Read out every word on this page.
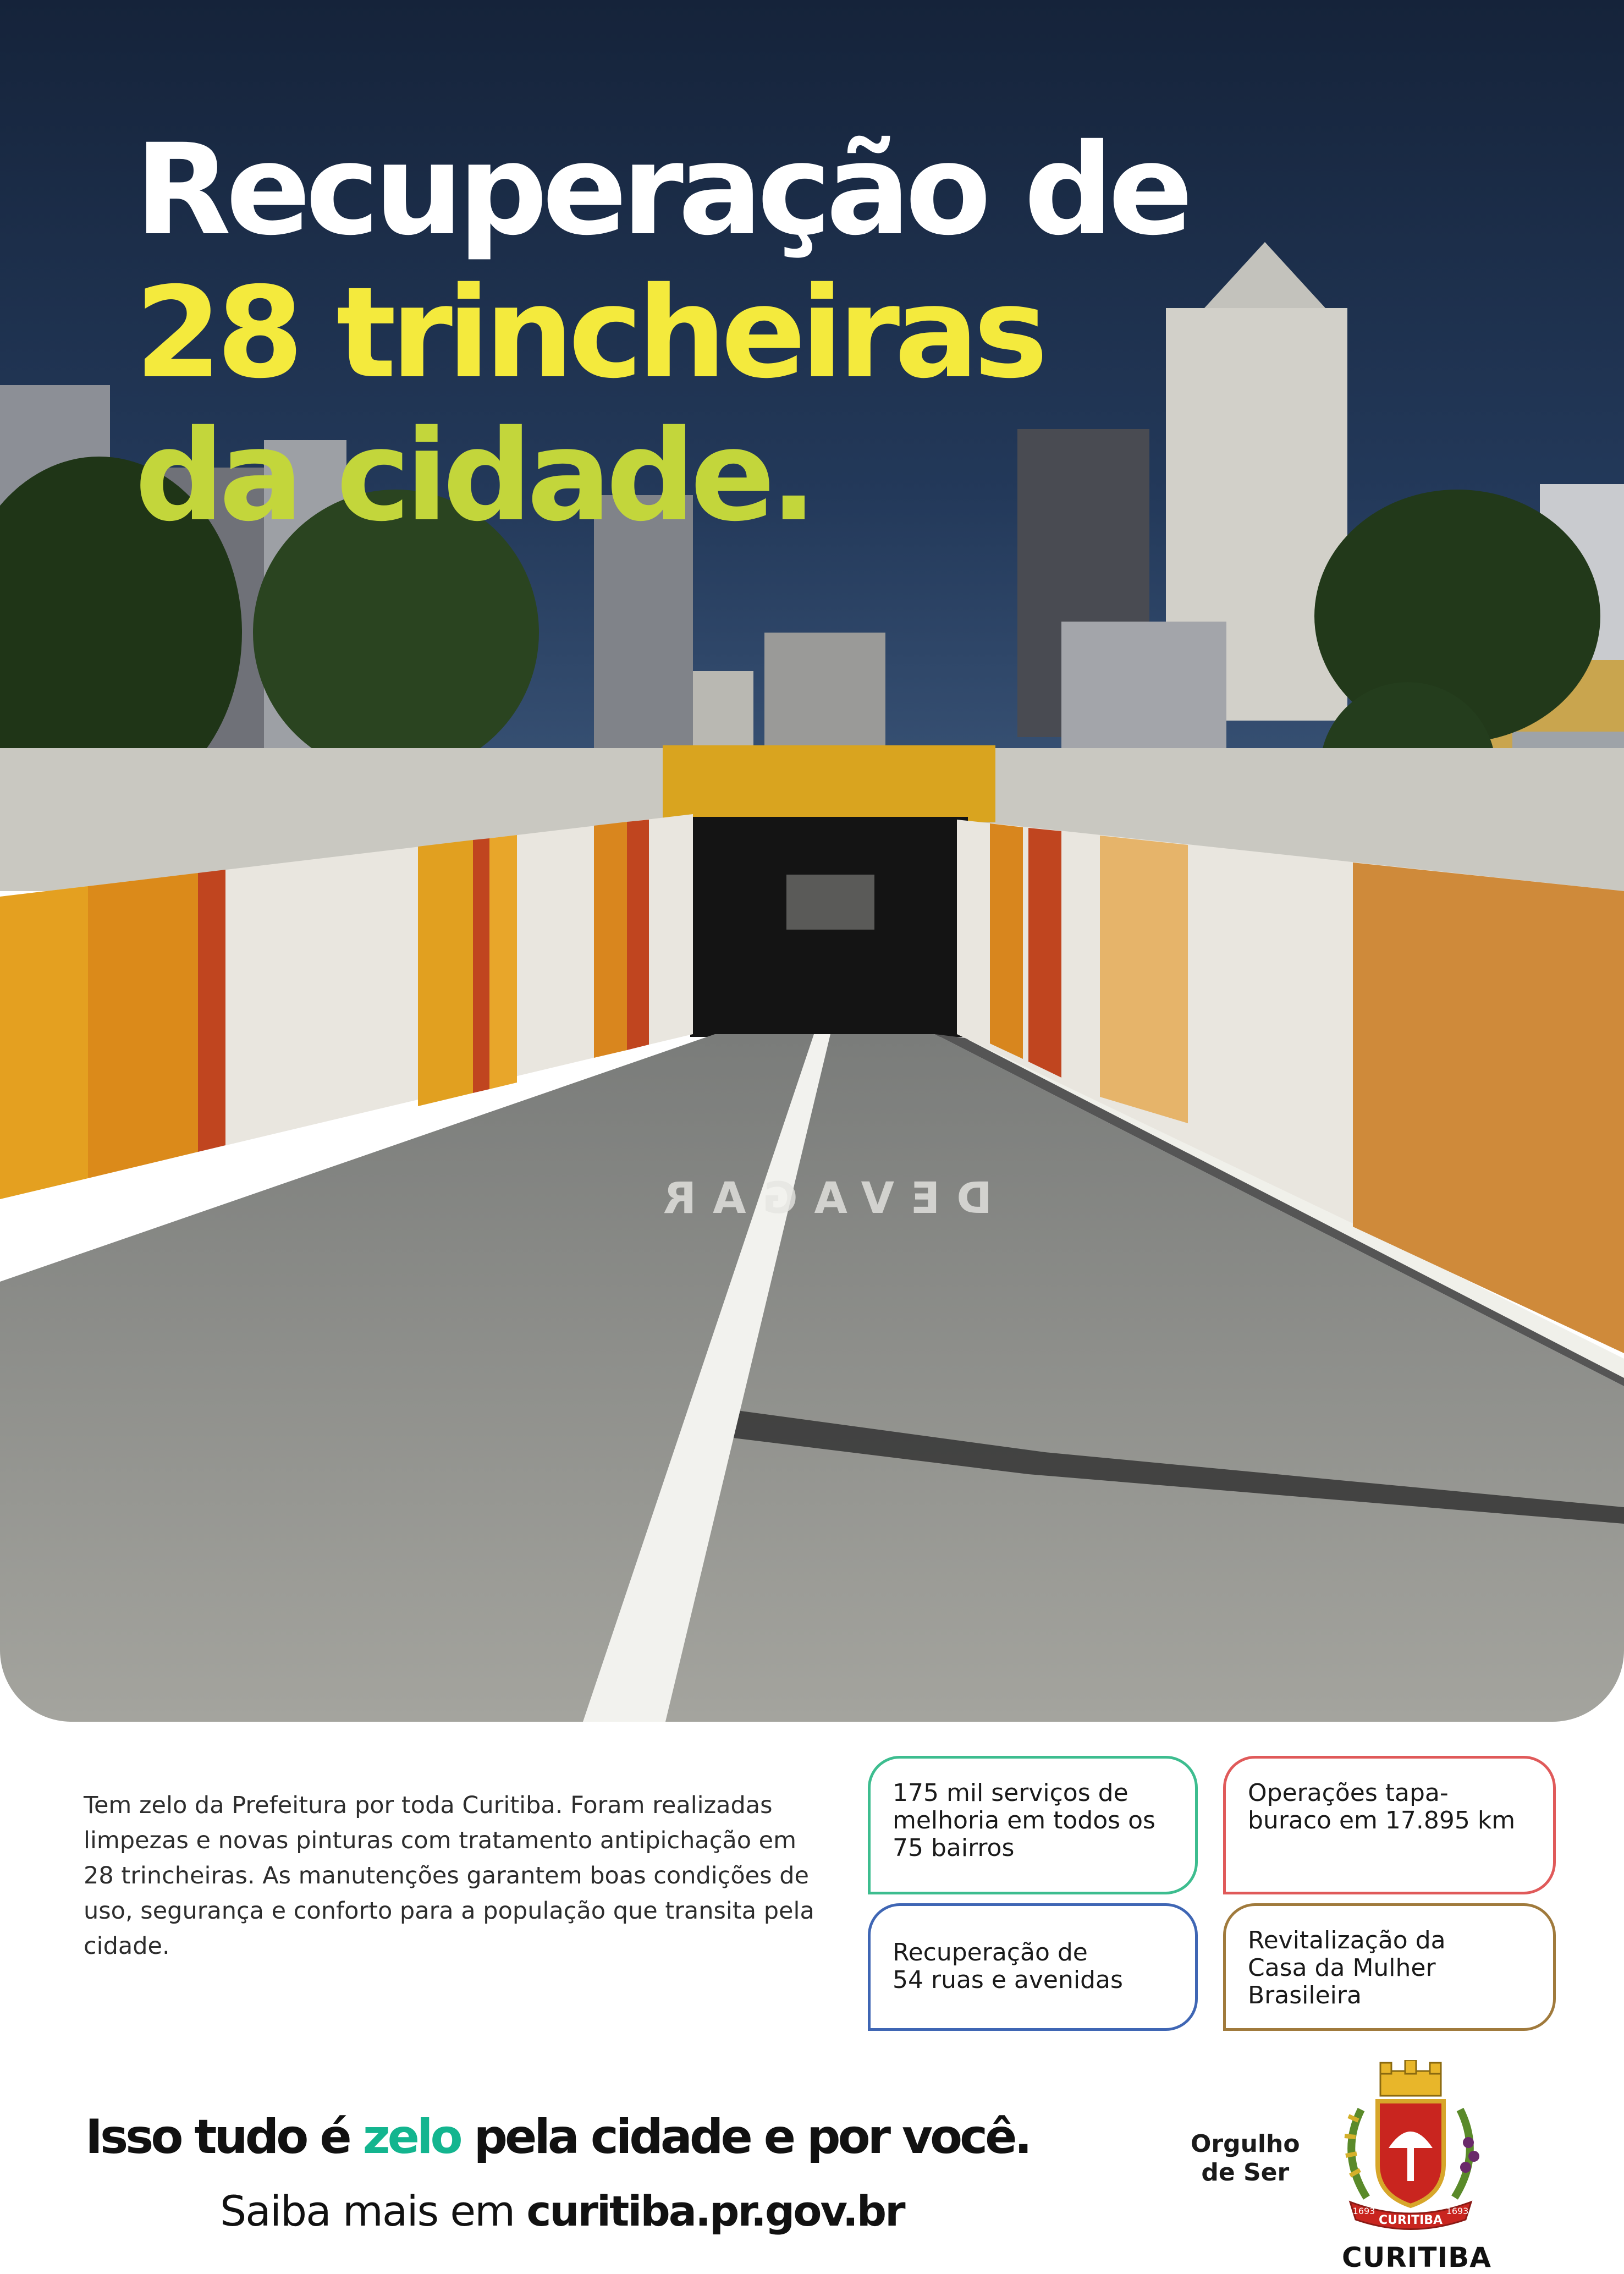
DEVAGAR
Recuperação de
28 trincheiras
da cidade.

Tem zelo da Prefeitura por toda Curitiba. Foram realizadas limpezas e novas pinturas com tratamento antipichação em 28 trincheiras. As manutenções garantem boas condições de uso, segurança e conforto para a população que transita pela cidade.

175 mil serviços de
melhoria em todos os
75 bairros
Operações tapa-
buraco em 17.895 km
Recuperação de
54 ruas e avenidas
Revitalização da
Casa da Mulher
Brasileira
Isso tudo é zelo pela cidade e por você.
Saiba mais em curitiba.pr.gov.br
Orgulho
de Ser
CURITIBA
1693	1693
CURITIBA
